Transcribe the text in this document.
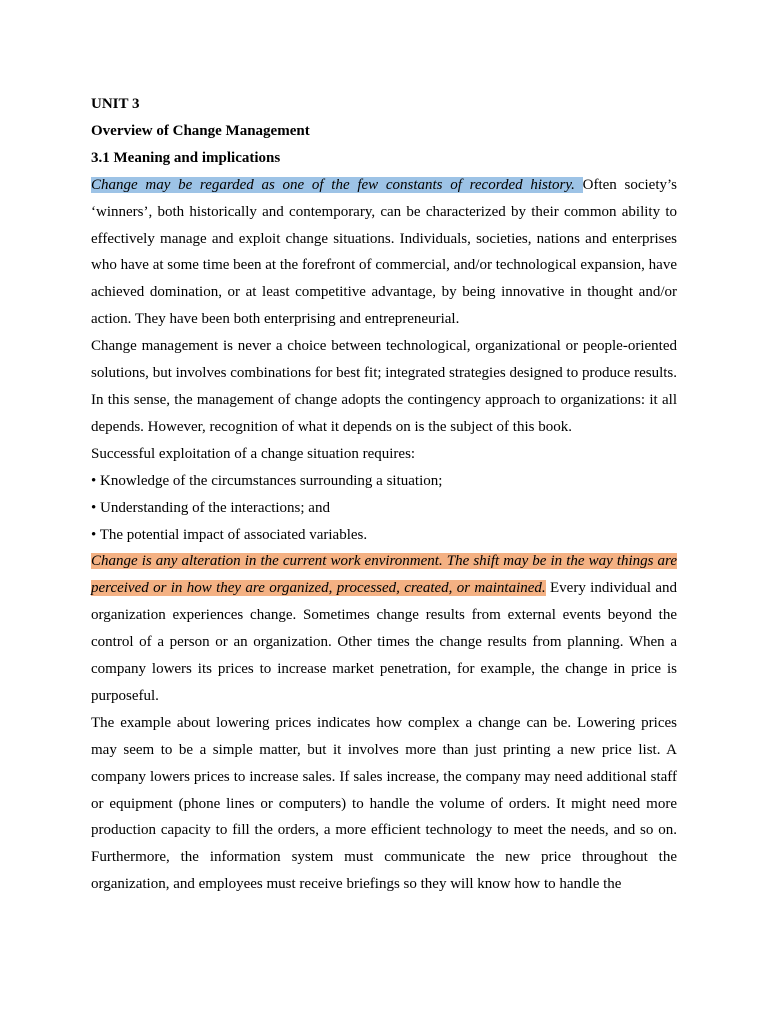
UNIT 3
Overview of Change Management
3.1 Meaning and implications

Change may be regarded as one of the few constants of recorded history. Often society’s ‘winners’, both historically and contemporary, can be characterized by their common ability to effectively manage and exploit change situations. Individuals, societies, nations and enterprises who have at some time been at the forefront of commercial, and/or technological expansion, have achieved domination, or at least competitive advantage, by being innovative in thought and/or action. They have been both enterprising and entrepreneurial.

Change management is never a choice between technological, organizational or people-oriented solutions, but involves combinations for best fit; integrated strategies designed to produce results. In this sense, the management of change adopts the contingency approach to organizations: it all depends. However, recognition of what it depends on is the subject of this book.

Successful exploitation of a change situation requires:

• Knowledge of the circumstances surrounding a situation;
• Understanding of the interactions; and
• The potential impact of associated variables.

Change is any alteration in the current work environment. The shift may be in the way things are perceived or in how they are organized, processed, created, or maintained. Every individual and organization experiences change. Sometimes change results from external events beyond the control of a person or an organization. Other times the change results from planning. When a company lowers its prices to increase market penetration, for example, the change in price is purposeful.

The example about lowering prices indicates how complex a change can be. Lowering prices may seem to be a simple matter, but it involves more than just printing a new price list. A company lowers prices to increase sales. If sales increase, the company may need additional staff or equipment (phone lines or computers) to handle the volume of orders. It might need more production capacity to fill the orders, a more efficient technology to meet the needs, and so on. Furthermore, the information system must communicate the new price throughout the organization, and employees must receive briefings so they will know how to handle the
